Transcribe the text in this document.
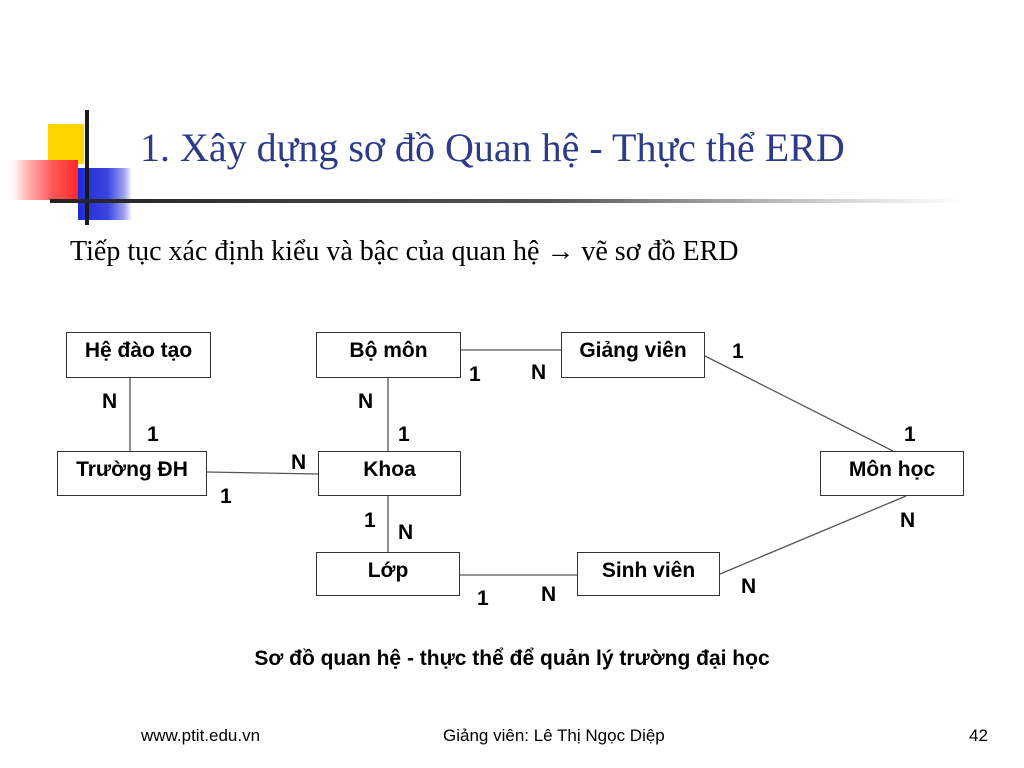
1. Xây dựng sơ đồ Quan hệ - Thực thể ERD
Tiếp tục xác định kiểu và bậc của quan hệ → vẽ sơ đồ ERD
Hệ đào tạo	Bộ môn	Giảng viên
Trường ĐH	Khoa	Môn học
Lớp	Sinh viên
N
1
1 N
N
1
1
N
1
1
1
N
1 N
N
N
Sơ đồ quan hệ - thực thể để quản lý trường đại học
www.ptit.edu.vn	Giảng viên: Lê Thị Ngọc Diệp	42
